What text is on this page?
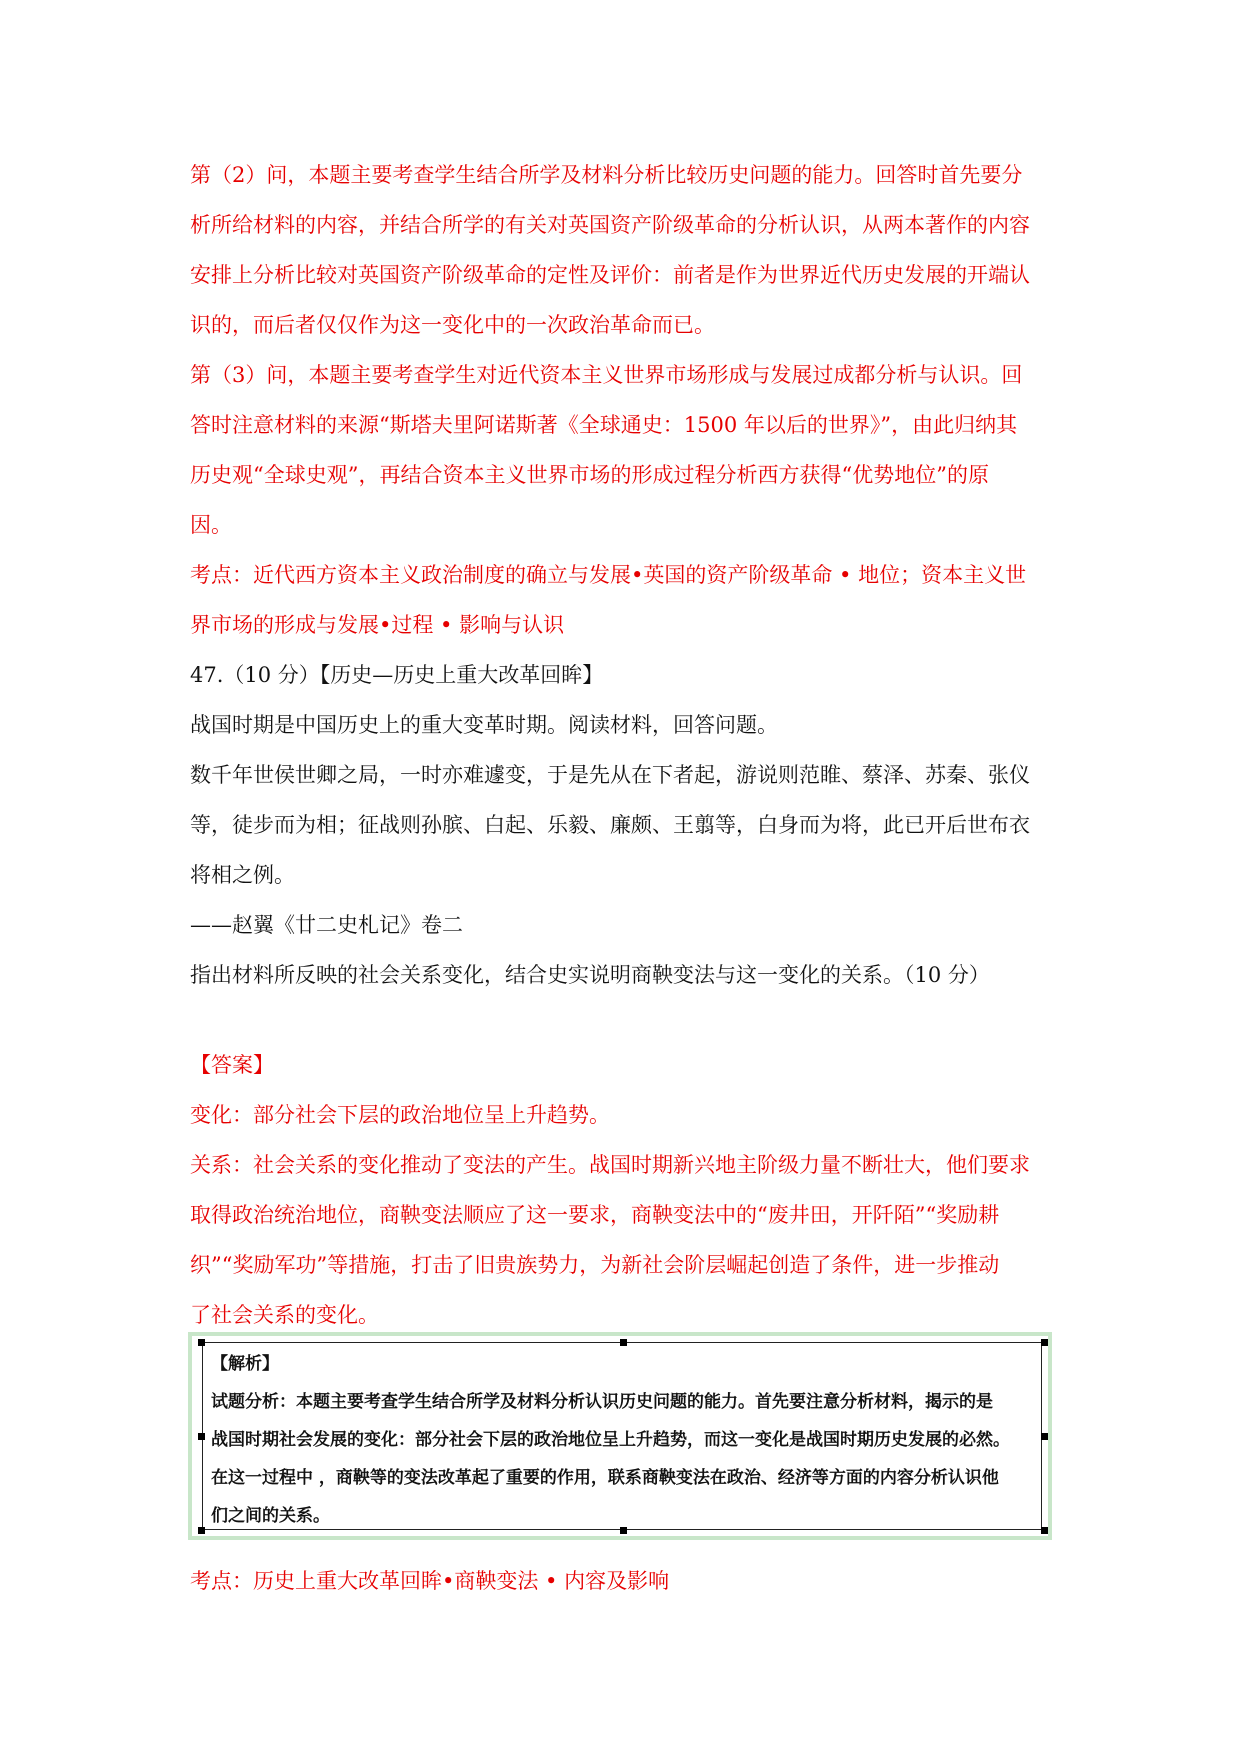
第（2）问，本题主要考查学生结合所学及材料分析比较历史问题的能力。回答时首先要分

析所给材料的内容，并结合所学的有关对英国资产阶级革命的分析认识，从两本著作的内容

安排上分析比较对英国资产阶级革命的定性及评价：前者是作为世界近代历史发展的开端认

识的，而后者仅仅作为这一变化中的一次政治革命而已。

第（3）问，本题主要考查学生对近代资本主义世界市场形成与发展过成都分析与认识。回

答时注意材料的来源“斯塔夫里阿诺斯著《全球通史：1500 年以后的世界》”，由此归纳其

历史观“全球史观”，再结合资本主义世界市场的形成过程分析西方获得“优势地位”的原

因。

考点：近代西方资本主义政治制度的确立与发展•英国的资产阶级革命 • 地位；资本主义世

界市场的形成与发展•过程 • 影响与认识

47.（10 分）【历史—历史上重大改革回眸】

战国时期是中国历史上的重大变革时期。阅读材料，回答问题。

数千年世侯世卿之局，一时亦难遽变，于是先从在下者起，游说则范睢、蔡泽、苏秦、张仪

等，徒步而为相；征战则孙膑、白起、乐毅、廉颇、王翦等，白身而为将，此已开后世布衣

将相之例。

——赵翼《廿二史札记》卷二

指出材料所反映的社会关系变化，结合史实说明商鞅变法与这一变化的关系。（10 分）

【答案】

变化：部分社会下层的政治地位呈上升趋势。

关系：社会关系的变化推动了变法的产生。战国时期新兴地主阶级力量不断壮大，他们要求

取得政治统治地位，商鞅变法顺应了这一要求，商鞅变法中的“废井田，开阡陌”“奖励耕

织”“奖励军功”等措施，打击了旧贵族势力，为新社会阶层崛起创造了条件，进一步推动

了社会关系的变化。

【解析】

试题分析：本题主要考查学生结合所学及材料分析认识历史问题的能力。首先要注意分析材料，揭示的是

战国时期社会发展的变化：部分社会下层的政治地位呈上升趋势，而这一变化是战国时期历史发展的必然。

在这一过程中 ，商鞅等的变法改革起了重要的作用，联系商鞅变法在政治、经济等方面的内容分析认识他

们之间的关系。

考点：历史上重大改革回眸•商鞅变法 • 内容及影响
